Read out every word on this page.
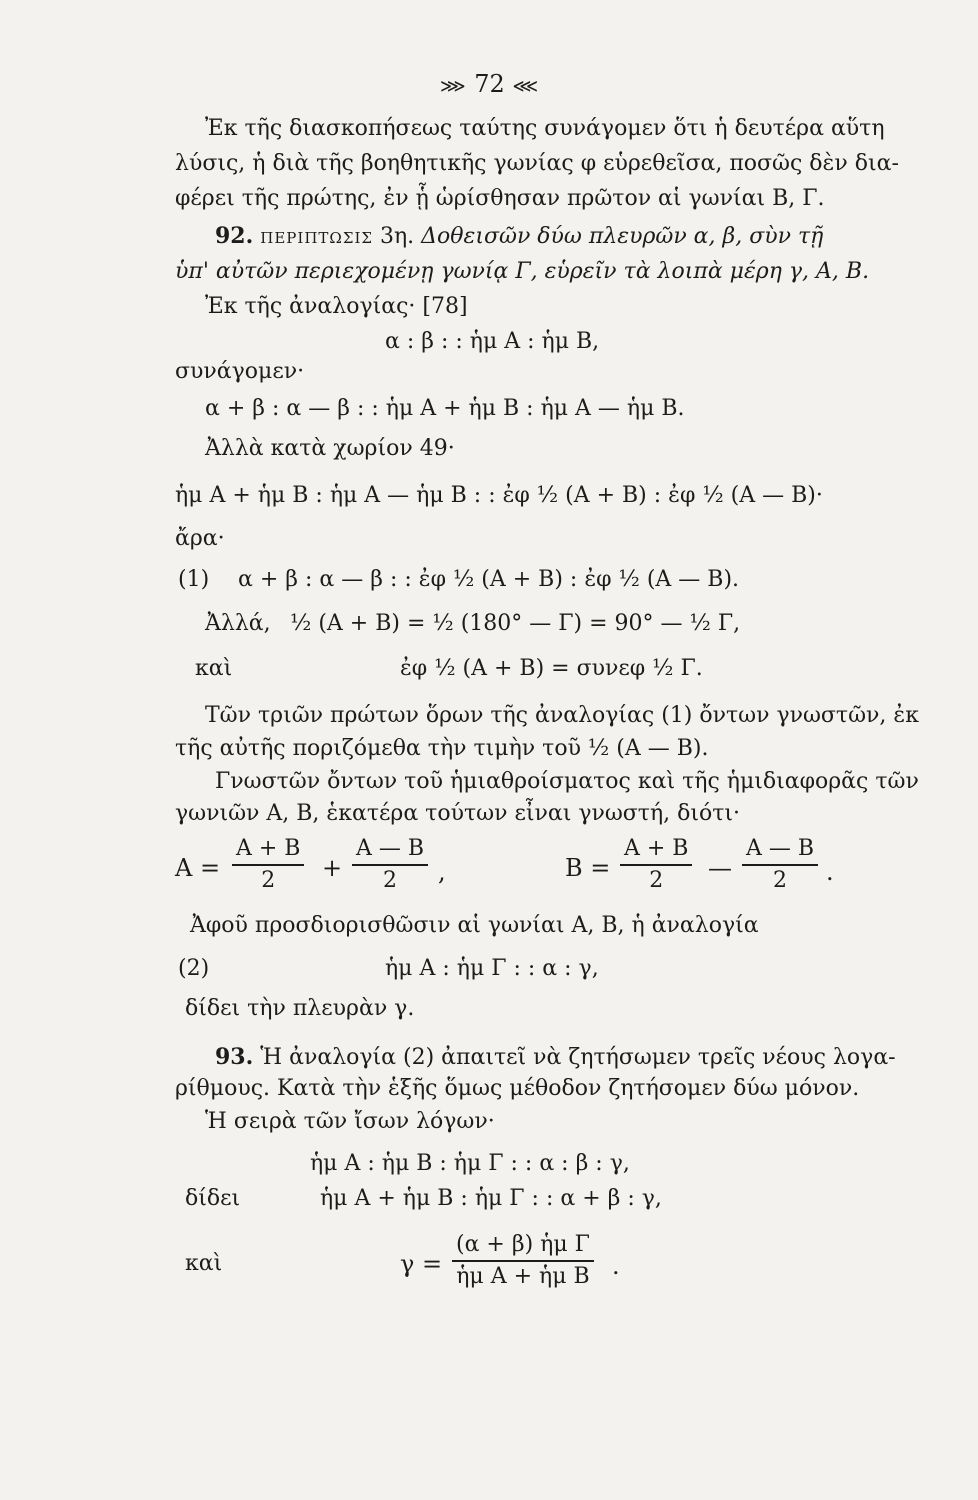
⋙ 72 ⋘
Ἐκ τῆς διασκοπήσεως ταύτης συνάγομεν ὅτι ἡ δευτέρα αὕτη
λύσις, ἡ διὰ τῆς βοηθητικῆς γωνίας φ εὑρεθεῖσα, ποσῶς δὲν δια-
φέρει τῆς πρώτης, ἐν ᾗ ὡρίσθησαν πρῶτον αἱ γωνίαι Β, Γ.
92. ΠΕΡΙΠΤΩΣΙΣ 3η. Δοθεισῶν δύω πλευρῶν α, β, σὺν τῇ
ὑπ' αὐτῶν περιεχομένῃ γωνίᾳ Γ, εὑρεῖν τὰ λοιπὰ μέρη γ, Α, Β.
Ἐκ τῆς ἀναλογίας· [78]
α : β : : ἡμ Α : ἡμ Β,
συνάγομεν·
α + β : α — β : : ἡμ Α + ἡμ Β : ἡμ Α — ἡμ Β.
Ἀλλὰ κατὰ χωρίον 49·
ἡμ Α + ἡμ Β : ἡμ Α — ἡμ Β : : ἐφ ½ (Α + Β) : ἐφ ½ (Α — Β)·
ἄρα·
(1) α + β : α — β : : ἐφ ½ (Α + Β) : ἐφ ½ (Α — Β).
Ἀλλά, ½ (Α + Β) = ½ (180° — Γ) = 90° — ½ Γ,
καὶ	ἐφ ½ (Α + Β) = συνεφ ½ Γ.
Τῶν τριῶν πρώτων ὅρων τῆς ἀναλογίας (1) ὄντων γνωστῶν, ἐκ
τῆς αὐτῆς ποριζόμεθα τὴν τιμὴν τοῦ ½ (Α — Β).
Γνωστῶν ὄντων τοῦ ἡμιαθροίσματος καὶ τῆς ἡμιδιαφορᾶς τῶν
γωνιῶν Α, Β, ἑκατέρα τούτων εἶναι γνωστή, διότι·
$A = \frac{A + B}{2} + \frac{A — B}{2}$ ,	$B = \frac{A + B}{2}$ — $\frac{A — B}{2}$ .
Ἀφοῦ προσδιορισθῶσιν αἱ γωνίαι Α, Β, ἡ ἀναλογία
(2)	ἡμ Α : ἡμ Γ : : α : γ,
δίδει τὴν πλευρὰν γ.
93. Ἡ ἀναλογία (2) ἀπαιτεῖ νὰ ζητήσωμεν τρεῖς νέους λογα-
ρίθμους. Κατὰ τὴν ἑξῆς ὅμως μέθοδον ζητήσομεν δύω μόνον.
Ἡ σειρὰ τῶν ἴσων λόγων·
ἡμ Α : ἡμ Β : ἡμ Γ : : α : β : γ,
δίδει	ἡμ Α + ἡμ Β : ἡμ Γ : : α + β : γ,
καὶ	$\gamma = \frac{\text{(α + β) ἡμ Γ}}{\text{ἡμ Α + ἡμ Β}}$ .
